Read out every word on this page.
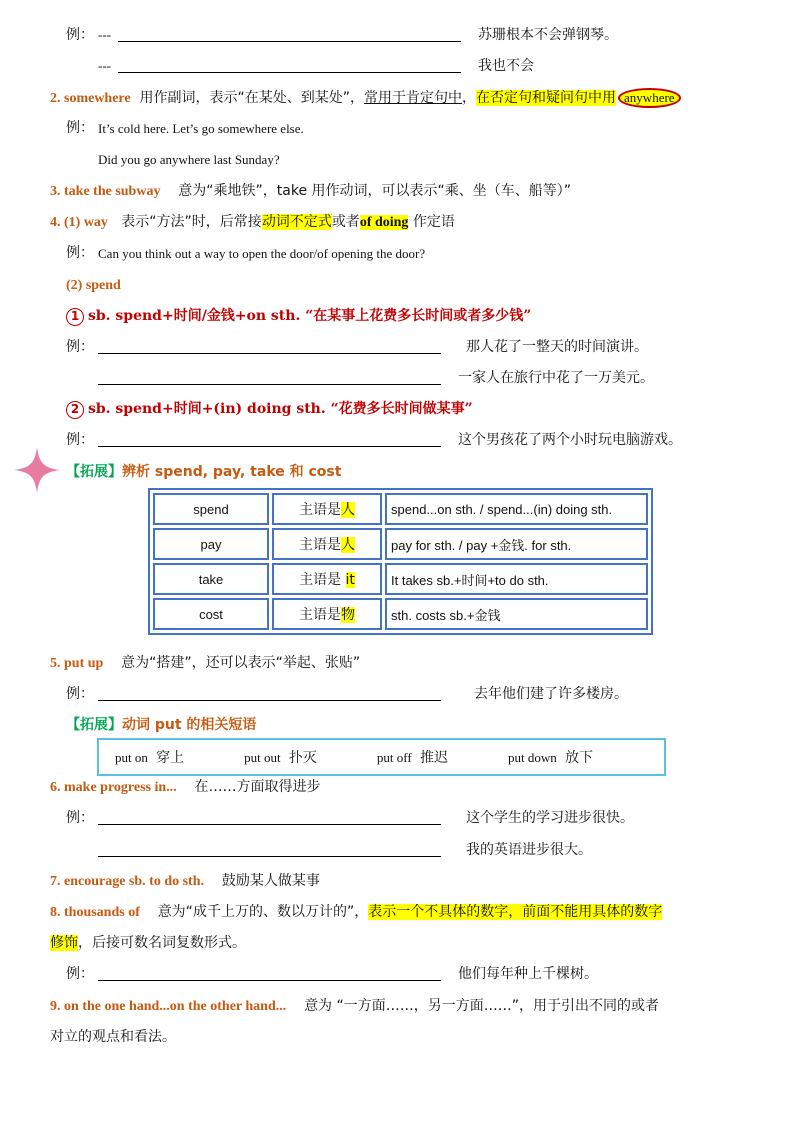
例： ---	苏珊根本不会弹钢琴。
---	我也不会
2. somewhere 用作副词，表示“在某处、到某处”，常用于肯定句中，在否定句和疑问句中用 anywhere
例： It’s cold here. Let’s go somewhere else.
Did you go anywhere last Sunday?
3. take the subway 意为“乘地铁”，take 用作动词，可以表示“乘、坐（车、船等）”
4. (1) way 表示“方法”时，后常接动词不定式或者of doing 作定语
例： Can you think out a way to open the door/of opening the door?
(2) spend
1 sb. spend+时间/金钱+on sth. “在某事上花费多长时间或者多少钱”
例：	那人花了一整天的时间演讲。
一家人在旅行中花了一万美元。
2 sb. spend+时间+(in) doing sth. “花费多长时间做某事”
例：	这个男孩花了两个小时玩电脑游戏。
【拓展】辨析 spend, pay, take 和 cost
spend	主语是人	spend...on sth. / spend...(in) doing sth.
pay	主语是人	pay for sth. / pay +金钱. for sth.
take	主语是 it	It takes sb.+时间+to do sth.
cost	主语是物	sth. costs sb.+金钱
5. put up 意为“搭建”，还可以表示“举起、张贴”
例：	去年他们建了许多楼房。
【拓展】动词 put 的相关短语
put on 穿上	put out 扑灭	put off 推迟	put down 放下
6. make progress in... 在……方面取得进步
例：	这个学生的学习进步很快。
我的英语进步很大。
7. encourage sb. to do sth. 鼓励某人做某事
8. thousands of 意为“成千上万的、数以万计的”，表示一个不具体的数字，前面不能用具体的数字
修饰，后接可数名词复数形式。
例：	他们每年种上千棵树。
9. on the one hand...on the other hand... 意为 “一方面……，另一方面……”，用于引出不同的或者
对立的观点和看法。
